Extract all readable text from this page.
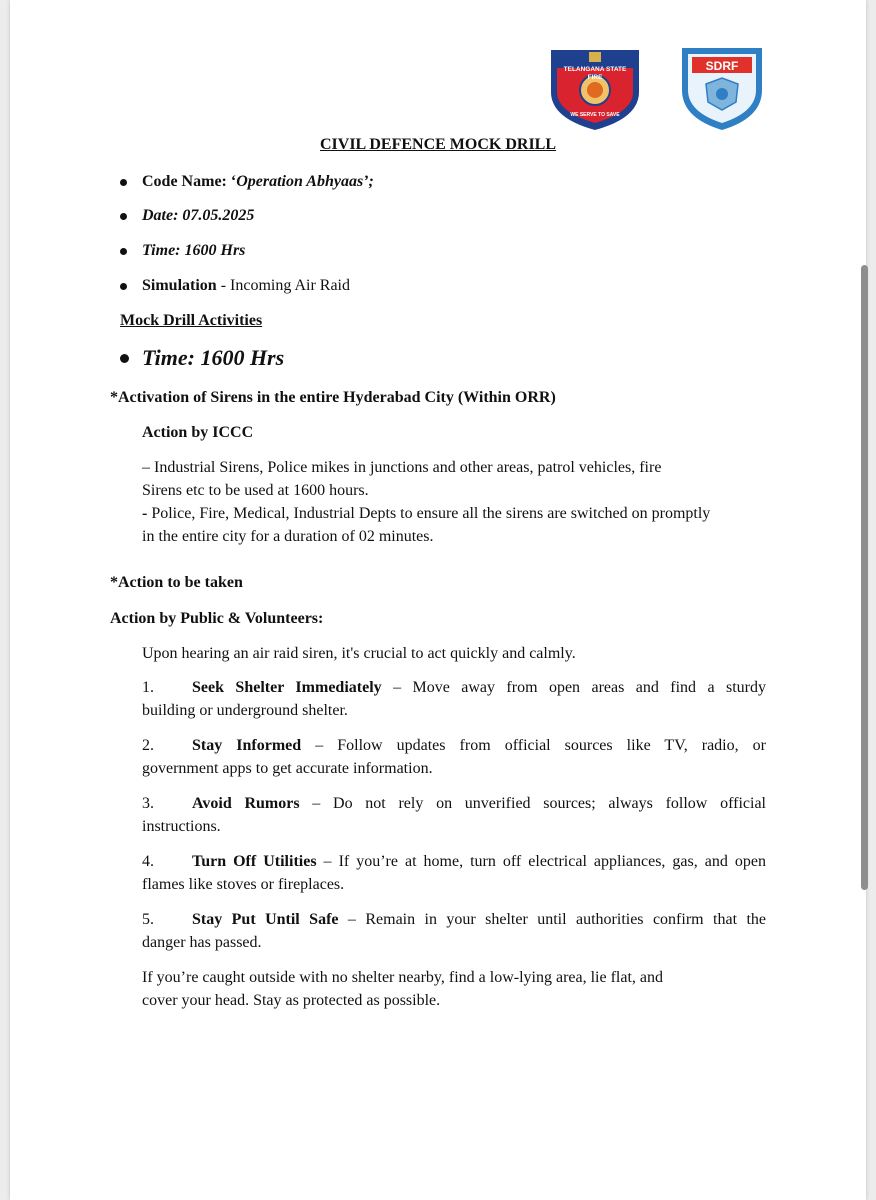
TELANGANA STATE
FIRE
WE SERVE TO SAVE
SDRF
CIVIL DEFENCE MOCK DRILL
Code Name: ‘Operation Abhyaas’;
Date: 07.05.2025
Time: 1600 Hrs
Simulation - Incoming Air Raid
Mock Drill Activities
Time: 1600 Hrs
*Activation of Sirens in the entire Hyderabad City (Within ORR)
Action by ICCC
– Industrial Sirens, Police mikes in junctions and other areas, patrol vehicles, fire
Sirens etc to be used at 1600 hours.
- Police, Fire, Medical, Industrial Depts to ensure all the sirens are switched on promptly
in the entire city for a duration of 02 minutes.
*Action to be taken
Action by Public & Volunteers:
Upon hearing an air raid siren, it's crucial to act quickly and calmly.
1. Seek Shelter Immediately – Move away from open areas and find a sturdy
building or underground shelter.
2. Stay Informed – Follow updates from official sources like TV, radio, or
government apps to get accurate information.
3. Avoid Rumors – Do not rely on unverified sources; always follow official
instructions.
4. Turn Off Utilities – If you’re at home, turn off electrical appliances, gas, and open
flames like stoves or fireplaces.
5. Stay Put Until Safe – Remain in your shelter until authorities confirm that the
danger has passed.
If you’re caught outside with no shelter nearby, find a low-lying area, lie flat, and
cover your head. Stay as protected as possible.
